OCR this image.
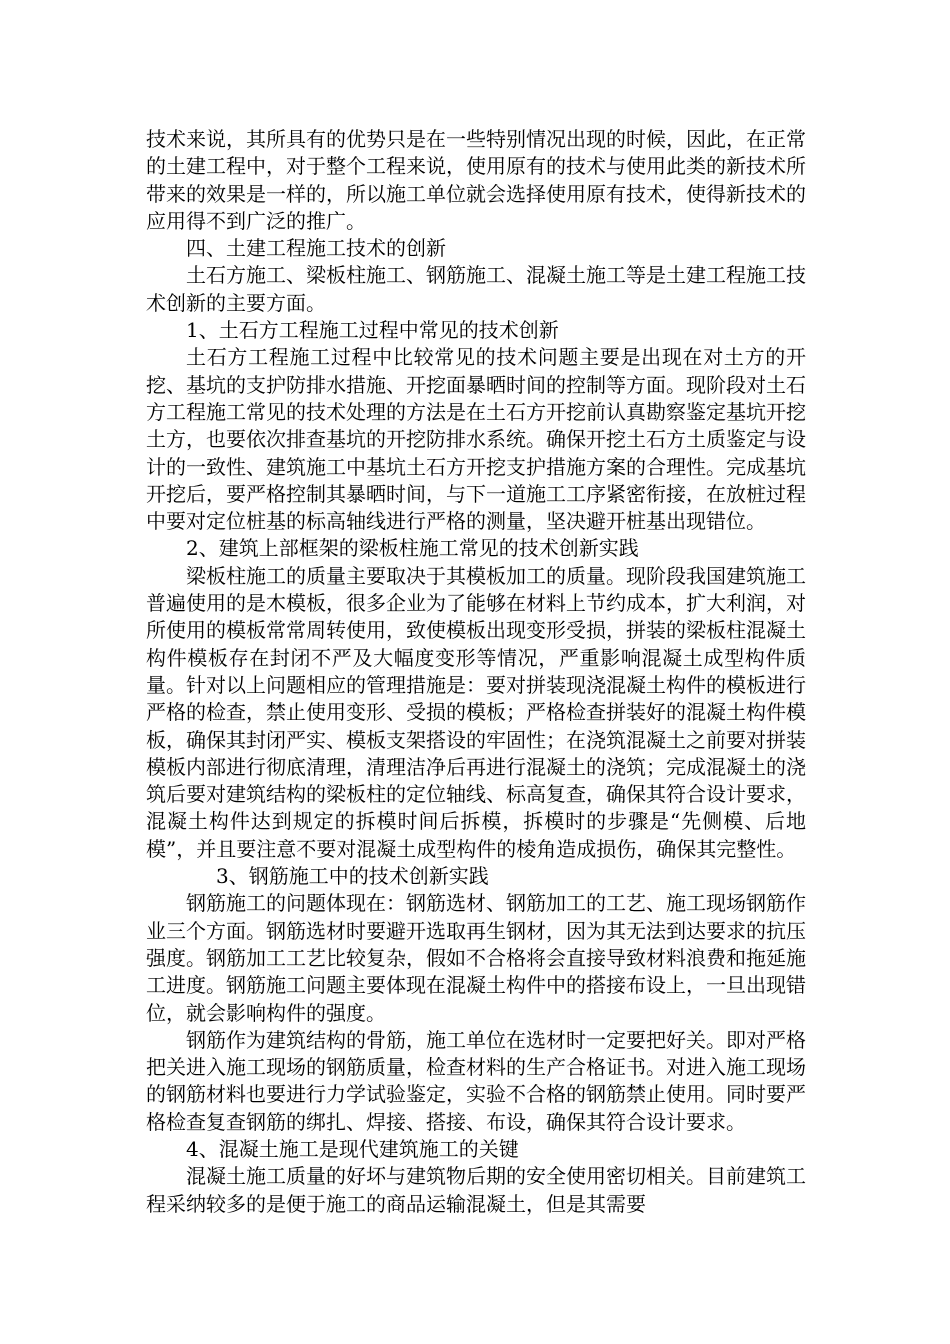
技术来说，其所具有的优势只是在一些特别情况出现的时候，因此，在正常的土建工程中，对于整个工程来说，使用原有的技术与使用此类的新技术所带来的效果是一样的，所以施工单位就会选择使用原有技术，使得新技术的应用得不到广泛的推广。

四、土建工程施工技术的创新

土石方施工、梁板柱施工、钢筋施工、混凝土施工等是土建工程施工技术创新的主要方面。

1、土石方工程施工过程中常见的技术创新

土石方工程施工过程中比较常见的技术问题主要是出现在对土方的开挖、基坑的支护防排水措施、开挖面暴晒时间的控制等方面。现阶段对土石方工程施工常见的技术处理的方法是在土石方开挖前认真勘察鉴定基坑开挖土方，也要依次排查基坑的开挖防排水系统。确保开挖土石方土质鉴定与设计的一致性、建筑施工中基坑土石方开挖支护措施方案的合理性。完成基坑开挖后，要严格控制其暴晒时间，与下一道施工工序紧密衔接，在放桩过程中要对定位桩基的标高轴线进行严格的测量，坚决避开桩基出现错位。

2、建筑上部框架的梁板柱施工常见的技术创新实践

梁板柱施工的质量主要取决于其模板加工的质量。现阶段我国建筑施工普遍使用的是木模板，很多企业为了能够在材料上节约成本，扩大利润，对所使用的模板常常周转使用，致使模板出现变形受损，拼装的梁板柱混凝土构件模板存在封闭不严及大幅度变形等情况，严重影响混凝土成型构件质量。针对以上问题相应的管理措施是：要对拼装现浇混凝土构件的模板进行严格的检查，禁止使用变形、受损的模板；严格检查拼装好的混凝土构件模板，确保其封闭严实、模板支架搭设的牢固性；在浇筑混凝土之前要对拼装模板内部进行彻底清理，清理洁净后再进行混凝土的浇筑；完成混凝土的浇筑后要对建筑结构的梁板柱的定位轴线、标高复查，确保其符合设计要求，混凝土构件达到规定的拆模时间后拆模，拆模时的步骤是“先侧模、后地模”，并且要注意不要对混凝土成型构件的棱角造成损伤，确保其完整性。

3、钢筋施工中的技术创新实践

钢筋施工的问题体现在：钢筋选材、钢筋加工的工艺、施工现场钢筋作业三个方面。钢筋选材时要避开选取再生钢材，因为其无法到达要求的抗压强度。钢筋加工工艺比较复杂，假如不合格将会直接导致材料浪费和拖延施工进度。钢筋施工问题主要体现在混凝土构件中的搭接布设上，一旦出现错位，就会影响构件的强度。

钢筋作为建筑结构的骨筋，施工单位在选材时一定要把好关。即对严格把关进入施工现场的钢筋质量，检查材料的生产合格证书。对进入施工现场的钢筋材料也要进行力学试验鉴定，实验不合格的钢筋禁止使用。同时要严格检查复查钢筋的绑扎、焊接、搭接、布设，确保其符合设计要求。

4、混凝土施工是现代建筑施工的关键

混凝土施工质量的好坏与建筑物后期的安全使用密切相关。目前建筑工程采纳较多的是便于施工的商品运输混凝土，但是其需要
